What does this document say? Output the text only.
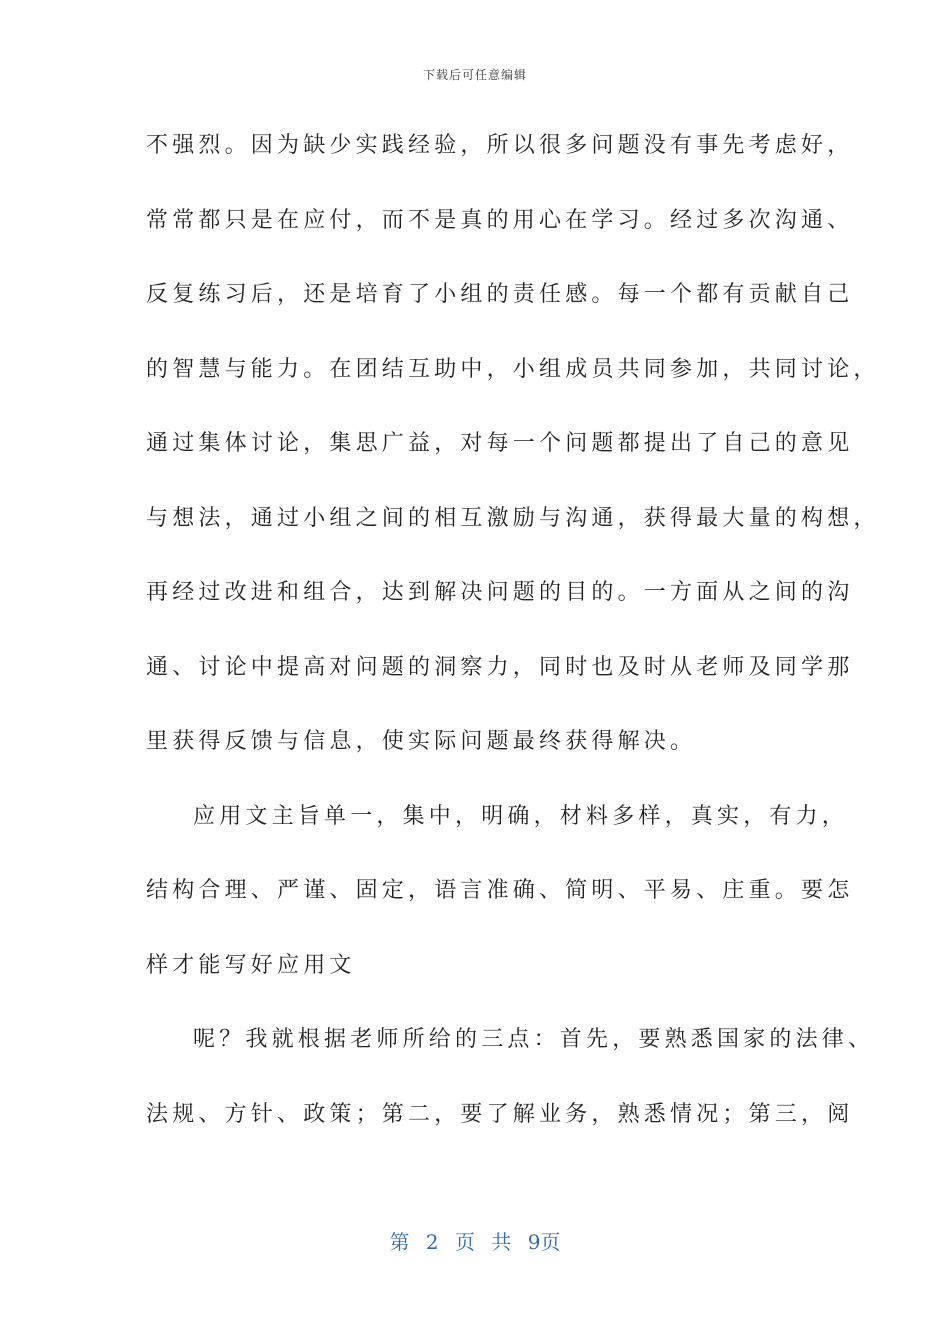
下载后可任意编辑
不强烈。因为缺少实践经验，所以很多问题没有事先考虑好，
常常都只是在应付，而不是真的用心在学习。经过多次沟通、
反复练习后，还是培育了小组的责任感。每一个都有贡献自己
的智慧与能力。在团结互助中，小组成员共同参加，共同讨论，
通过集体讨论，集思广益，对每一个问题都提出了自己的意见
与想法，通过小组之间的相互激励与沟通，获得最大量的构想，
再经过改进和组合，达到解决问题的目的。一方面从之间的沟
通、讨论中提高对问题的洞察力，同时也及时从老师及同学那
里获得反馈与信息，使实际问题最终获得解决。
应用文主旨单一，集中，明确，材料多样，真实，有力，
结构合理、严谨、固定，语言准确、简明、平易、庄重。要怎
样才能写好应用文
呢？我就根据老师所给的三点：首先，要熟悉国家的法律、
法规、方针、政策；第二，要了解业务，熟悉情况；第三，阅
第 2 页 共 9页
